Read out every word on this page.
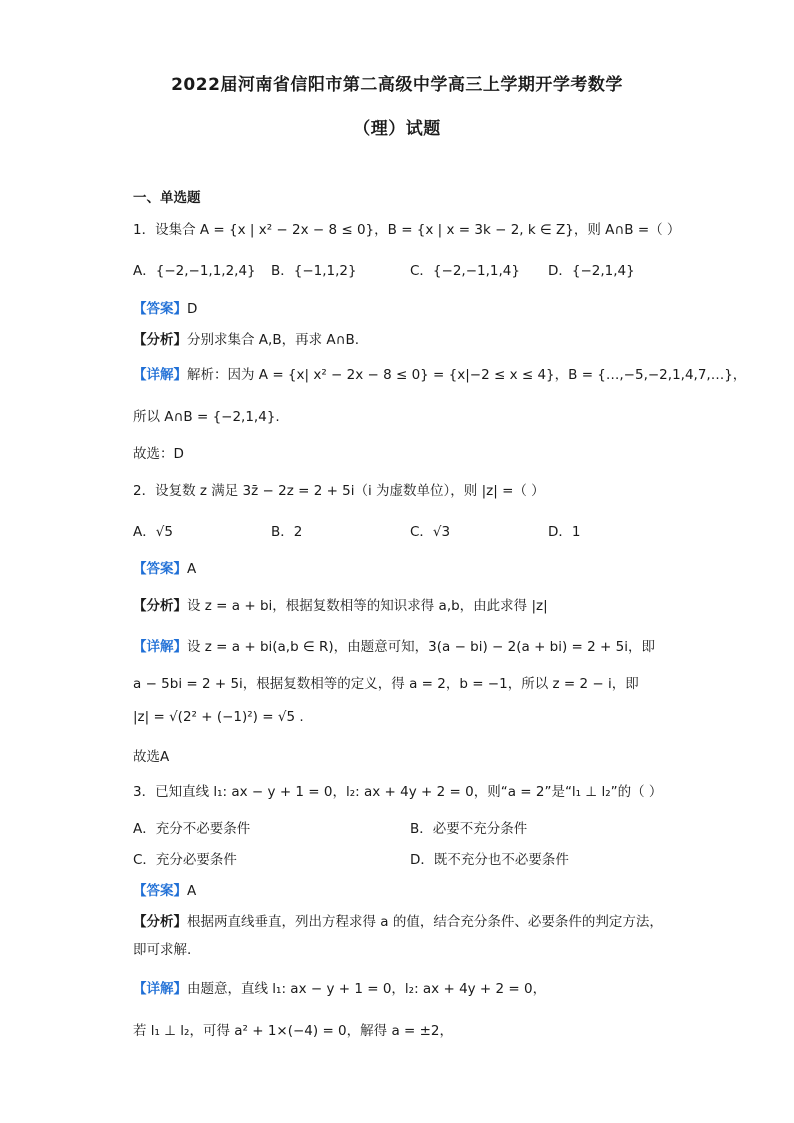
2022届河南省信阳市第二高级中学高三上学期开学考数学
（理）试题
一、单选题
1．设集合 A = {x | x² − 2x − 8 ≤ 0}，B = {x | x = 3k − 2, k ∈ Z}，则 A∩B =（ ）
A．{−2,−1,1,2,4} B．{−1,1,2}	C．{−2,−1,1,4} D．{−2,1,4}
【答案】D
【分析】分别求集合 A,B，再求 A∩B.
【详解】解析：因为 A = {x| x² − 2x − 8 ≤ 0} = {x|−2 ≤ x ≤ 4}，B = {…,−5,−2,1,4,7,…}，
所以 A∩B = {−2,1,4}.
故选：D
2．设复数 z 满足 3z̄ − 2z = 2 + 5i（i 为虚数单位），则 |z| =（ ）
A．√5	B．2	C．√3	D．1
【答案】A
【分析】设 z = a + bi，根据复数相等的知识求得 a,b，由此求得 |z|
【详解】设 z = a + bi(a,b ∈ R)，由题意可知，3(a − bi) − 2(a + bi) = 2 + 5i，即
a − 5bi = 2 + 5i，根据复数相等的定义，得 a = 2，b = −1，所以 z = 2 − i，即
|z| = √(2² + (−1)²) = √5 .
故选A
3．已知直线 l₁: ax − y + 1 = 0，l₂: ax + 4y + 2 = 0，则“a = 2”是“l₁ ⊥ l₂”的（ ）
A．充分不必要条件	B．必要不充分条件
C．充分必要条件	D．既不充分也不必要条件
【答案】A
【分析】根据两直线垂直，列出方程求得 a 的值，结合充分条件、必要条件的判定方法，
即可求解.
【详解】由题意，直线 l₁: ax − y + 1 = 0，l₂: ax + 4y + 2 = 0，
若 l₁ ⊥ l₂，可得 a² + 1×(−4) = 0，解得 a = ±2，
